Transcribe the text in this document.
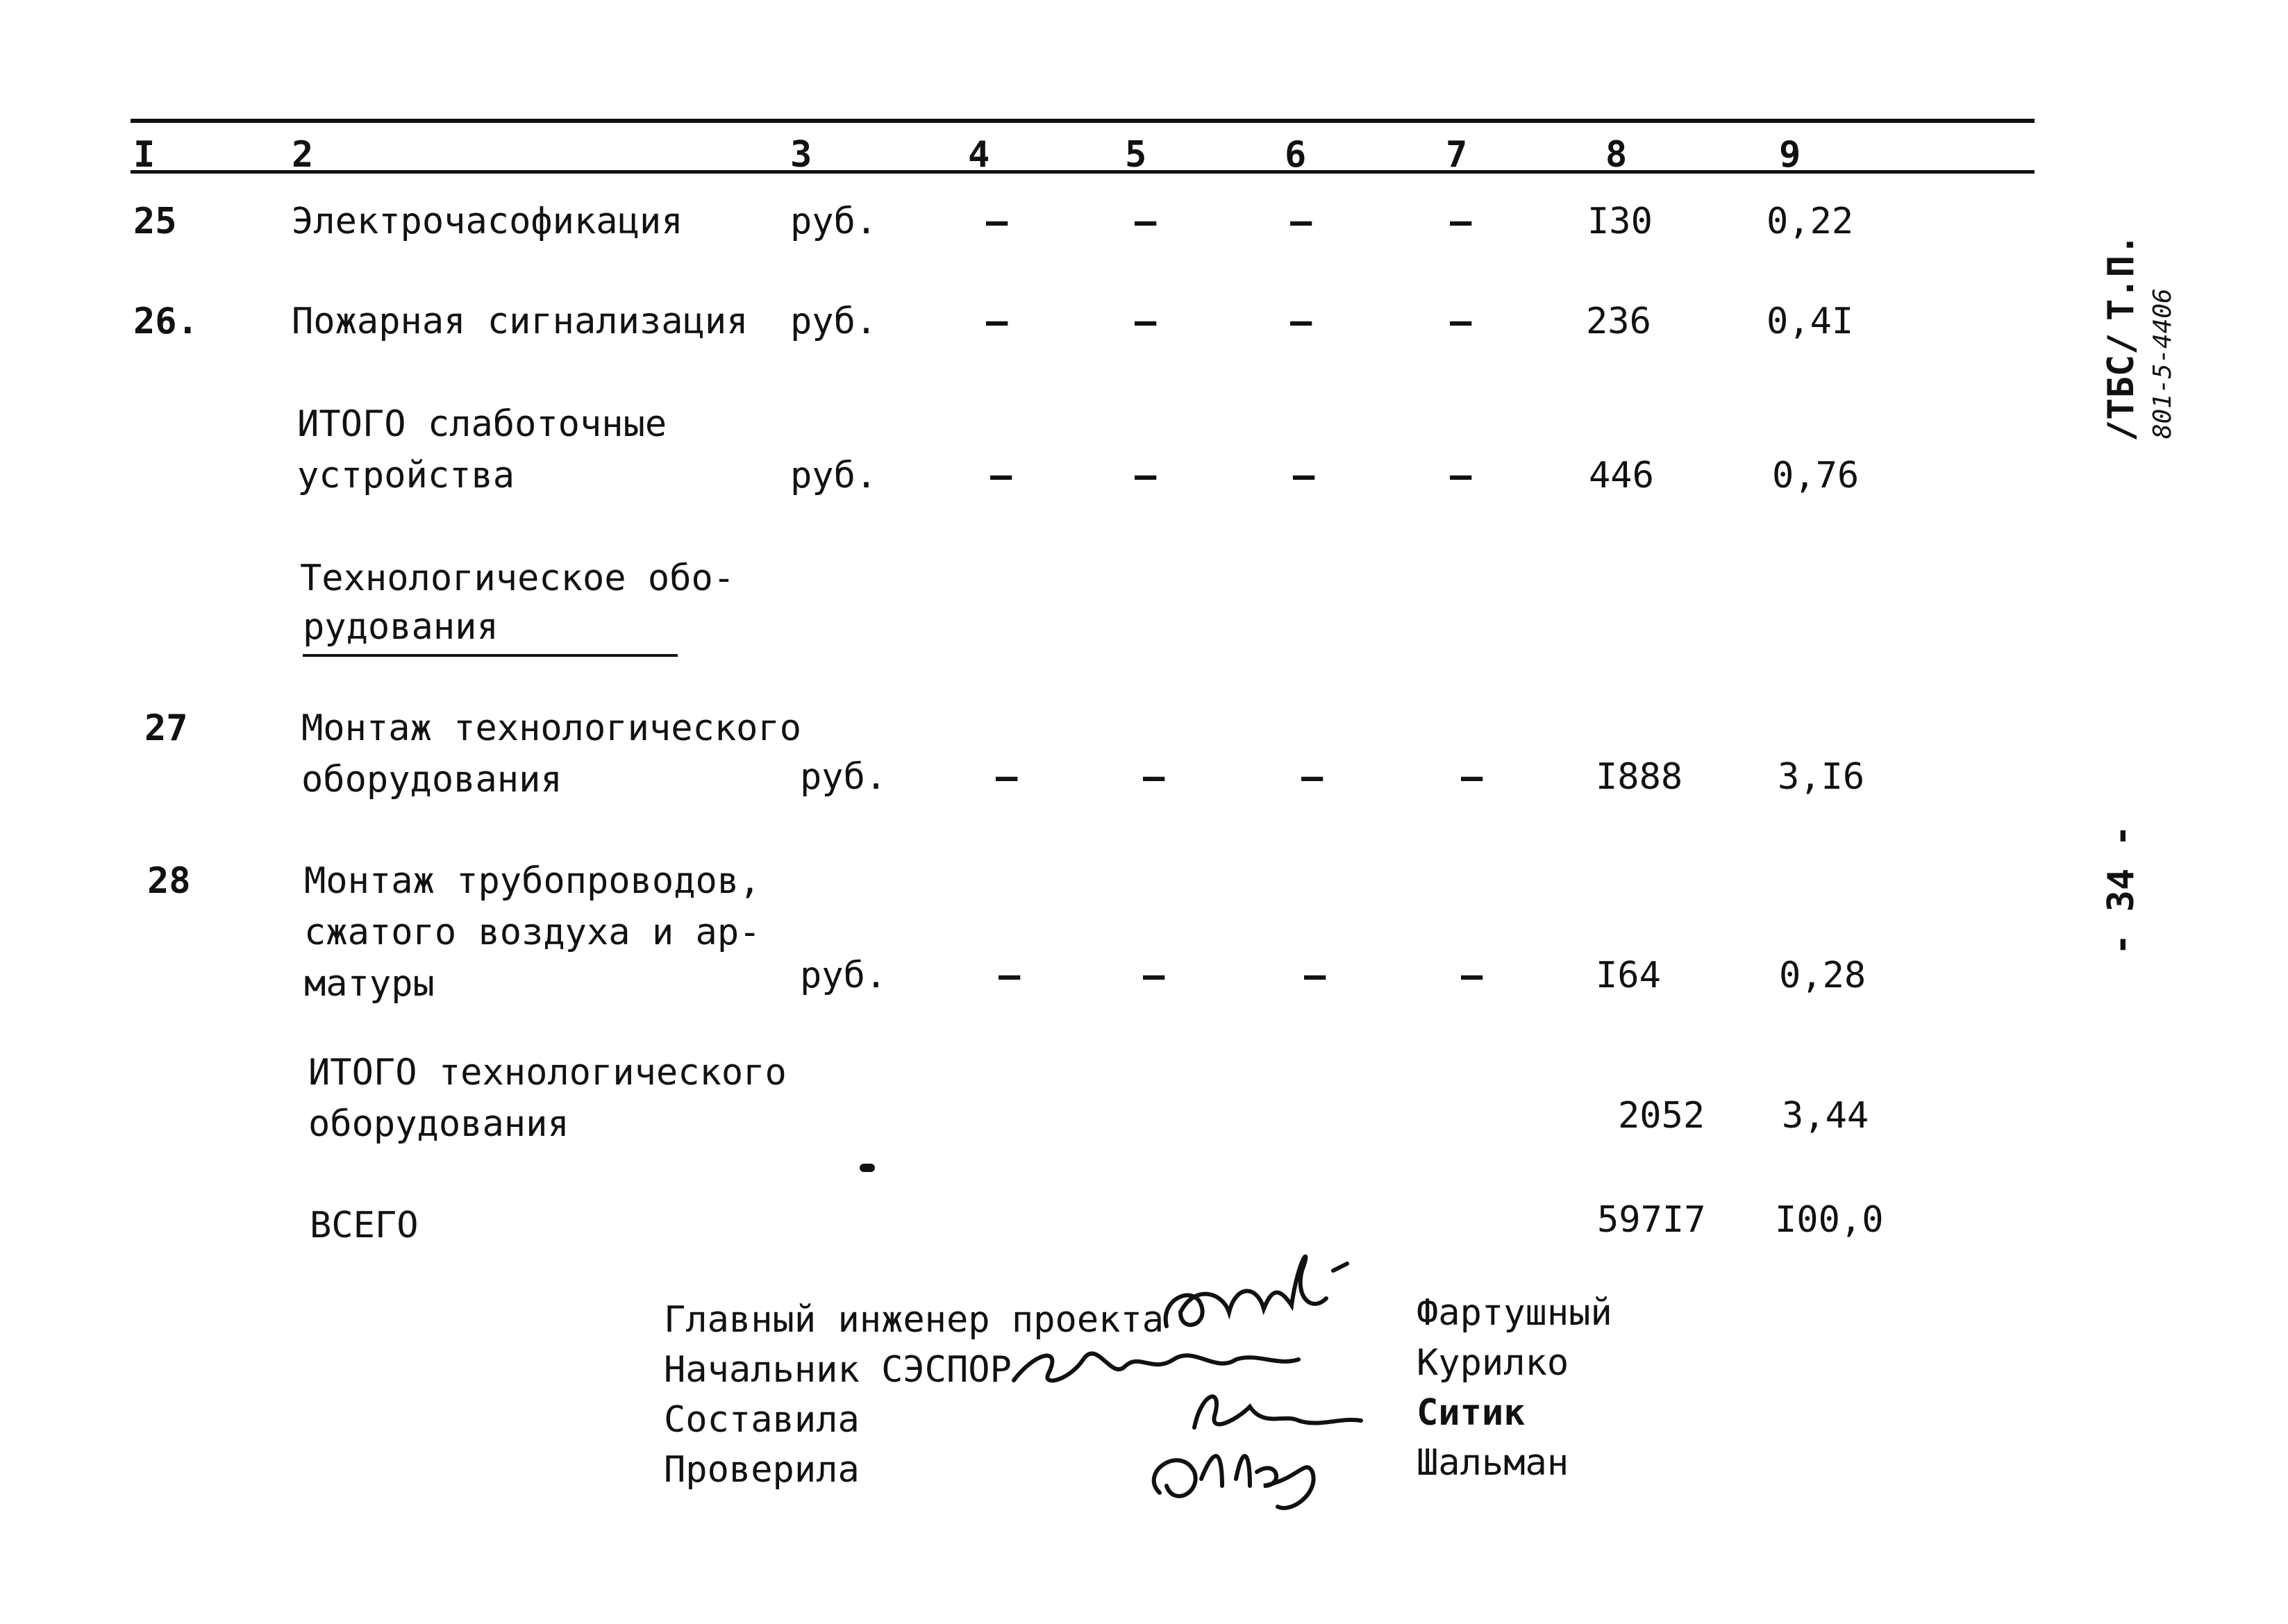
I	2	3	4	5	6	7	8	9
25	Электрочасофикация	руб.	–	–	–	–	I30	0,22
26.	Пожарная сигнализация руб.	–	–	–	–	236	0,4I
ИТОГО слаботочные
устройства	руб.	–	–	–	–	446	0,76
Технологическое обо-
рудования
27	Монтаж технологического
оборудования	руб.	–	–	–	–	I888	3,I6
28	Монтаж трубопроводов,
сжатого воздуха и ар-
матуры	руб.	–	–	–	–	I64	0,28
ИТОГО технологического
оборудования	2052 3,44
ВСЕГО	597I7 I00,0
Главный инженер проекта
Начальник СЭСПОР
Составила
Проверила
Фартушный
Курилко
Ситик
Шальман
Т.П.
/ТБС/ 801-5-4406
- 34 -
